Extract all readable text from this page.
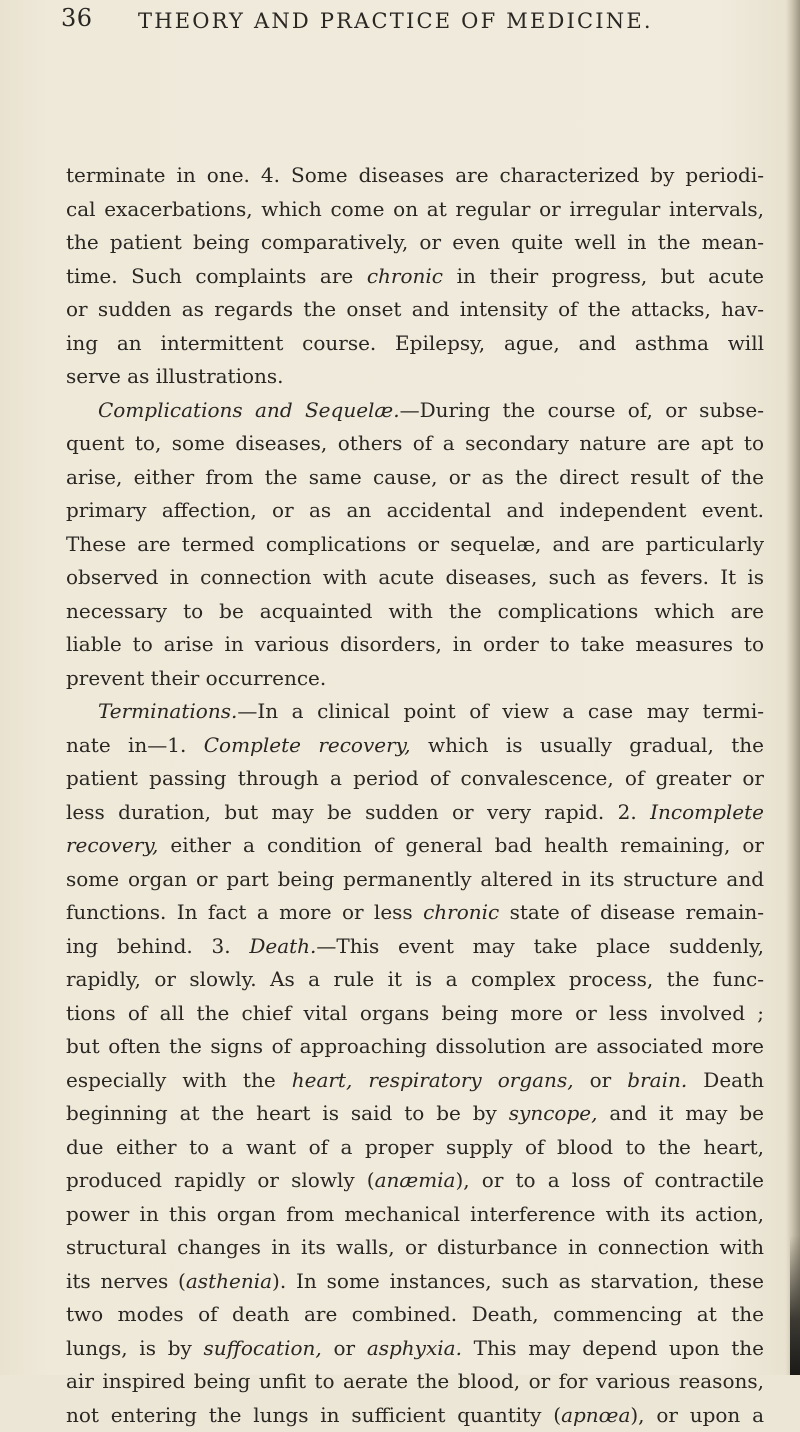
36 THEORY AND PRACTICE OF MEDICINE.
terminate in one. 4. Some diseases are characterized by periodi-
cal exacerbations, which come on at regular or irregular intervals,
the patient being comparatively, or even quite well in the mean-
time. Such complaints are chronic in their progress, but acute
or sudden as regards the onset and intensity of the attacks, hav-
ing an intermittent course. Epilepsy, ague, and asthma will
serve as illustrations.
Complications and Sequelæ.—During the course of, or subse-
quent to, some diseases, others of a secondary nature are apt to
arise, either from the same cause, or as the direct result of the
primary affection, or as an accidental and independent event.
These are termed complications or sequelæ, and are particularly
observed in connection with acute diseases, such as fevers. It is
necessary to be acquainted with the complications which are
liable to arise in various disorders, in order to take measures to
prevent their occurrence.
Terminations.—In a clinical point of view a case may termi-
nate in—1. Complete recovery, which is usually gradual, the
patient passing through a period of convalescence, of greater or
less duration, but may be sudden or very rapid. 2. Incomplete
recovery, either a condition of general bad health remaining, or
some organ or part being permanently altered in its structure and
functions. In fact a more or less chronic state of disease remain-
ing behind. 3. Death.—This event may take place suddenly,
rapidly, or slowly. As a rule it is a complex process, the func-
tions of all the chief vital organs being more or less involved ;
but often the signs of approaching dissolution are associated more
especially with the heart, respiratory organs, or brain. Death
beginning at the heart is said to be by syncope, and it may be
due either to a want of a proper supply of blood to the heart,
produced rapidly or slowly (anæmia), or to a loss of contractile
power in this organ from mechanical interference with its action,
structural changes in its walls, or disturbance in connection with
its nerves (asthenia). In some instances, such as starvation, these
two modes of death are combined. Death, commencing at the
lungs, is by suffocation, or asphyxia. This may depend upon the
air inspired being unfit to aerate the blood, or for various reasons,
not entering the lungs in sufficient quantity (apnœa), or upon a
